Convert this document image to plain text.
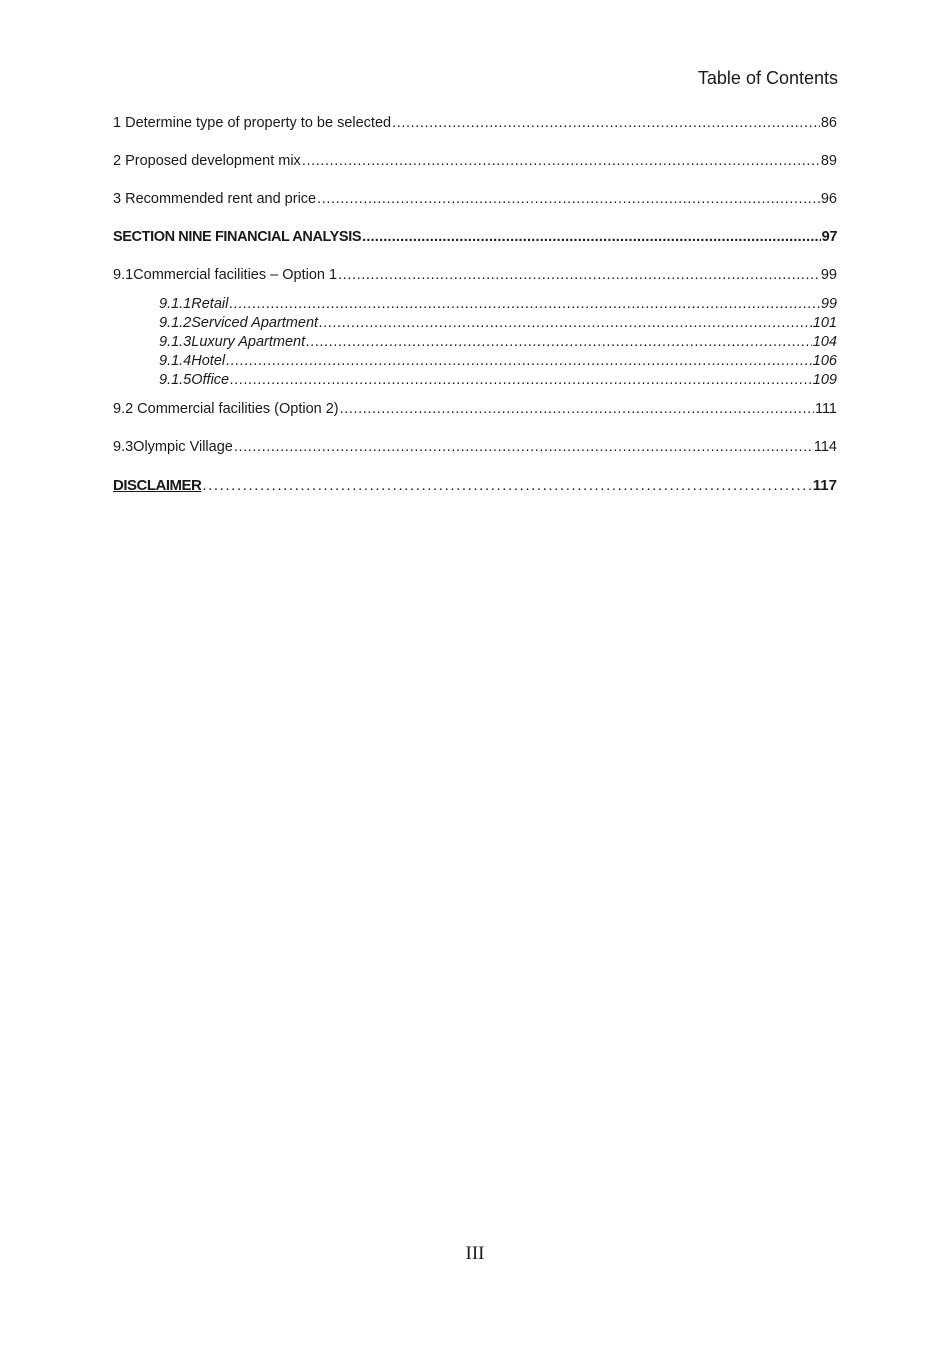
Table of Contents
1 Determine type of property to be selected .....	86
2 Proposed development mix .....	89
3 Recommended rent and price .....	96
SECTION NINE FINANCIAL ANALYSIS .....	97
9.1 Commercial facilities – Option 1 .....	99
9.1.1 Retail .....	99
9.1.2 Serviced Apartment .....	101
9.1.3 Luxury Apartment .....	104
9.1.4 Hotel .....	106
9.1.5 Office .....	109
9.2 Commercial facilities (Option 2) .....	111
9.3 Olympic Village .....	114
DISCLAIMER .....	117
III
